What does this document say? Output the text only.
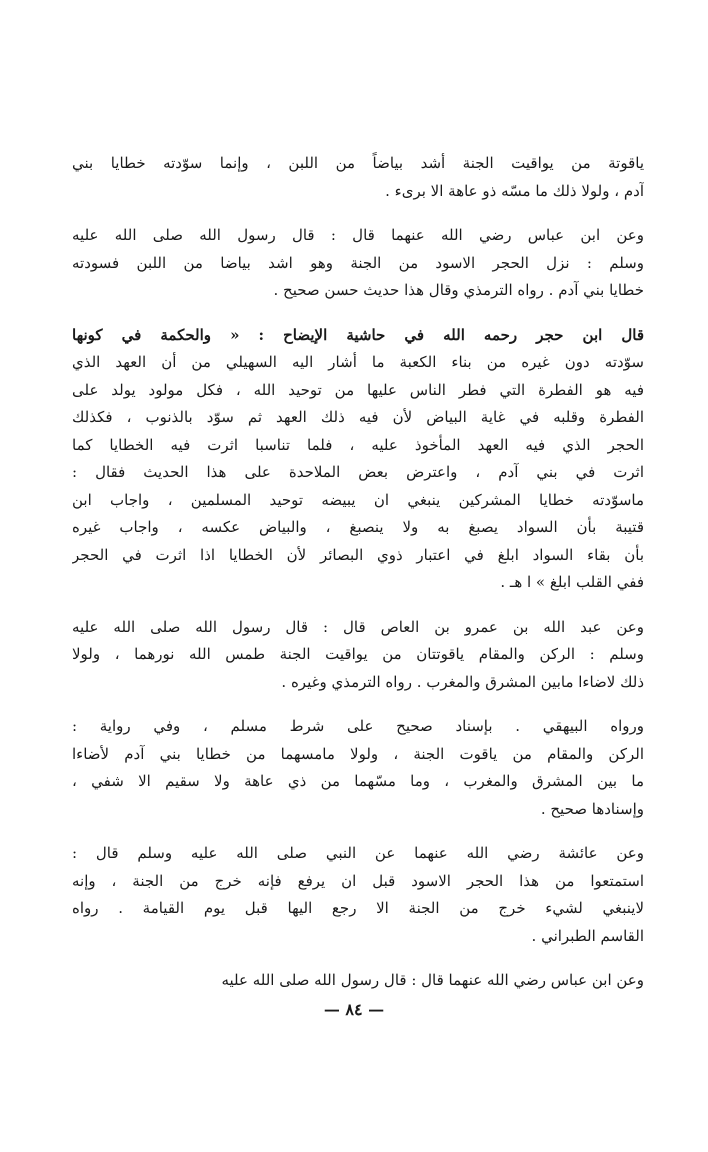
ياقوتة من يواقيت الجنة أشد بياضاً من اللبن ، وإنما سوّدته خطايا بني
آدم ، ولولا ذلك ما مسّه ذو عاهة الا برىء .
وعن ابن عباس رضي الله عنهما قال : قال رسول الله صلى الله عليه
وسلم : نزل الحجر الاسود من الجنة وهو اشد بياضا من اللبن فسودته
خطايا بني آدم . رواه الترمذي وقال هذا حديث حسن صحيح .
قال ابن حجر رحمه الله في حاشية الإيضاح : « والحكمة في كونها
سوّدته دون غيره من بناء الكعبة ما أشار اليه السهيلي من أن العهد الذي
فيه هو الفطرة التي فطر الناس عليها من توحيد الله ، فكل مولود يولد على
الفطرة وقلبه في غاية البياض لأن فيه ذلك العهد ثم سوّد بالذنوب ، فكذلك
الحجر الذي فيه العهد المأخوذ عليه ، فلما تناسبا اثرت فيه الخطايا كما
اثرت في بني آدم ، واعترض بعض الملاحدة على هذا الحديث فقال :
ماسوّدته خطايا المشركين ينبغي ان يبيضه توحيد المسلمين ، واجاب ابن
قتيبة بأن السواد يصبغ به ولا ينصبغ ، والبياض عكسه ، واجاب غيره
بأن بقاء السواد ابلغ في اعتبار ذوي البصائر لأن الخطايا اذا اثرت في الحجر
ففي القلب ابلغ » ا هـ .
وعن عبد الله بن عمرو بن العاص قال : قال رسول الله صلى الله عليه
وسلم : الركن والمقام ياقوتتان من يواقيت الجنة طمس الله نورهما ، ولولا
ذلك لاضاءا مابين المشرق والمغرب . رواه الترمذي وغيره .
ورواه البيهقي . بإسناد صحيح على شرط مسلم ، وفي رواية :
الركن والمقام من ياقوت الجنة ، ولولا مامسهما من خطايا بني آدم لأضاءا
ما بين المشرق والمغرب ، وما مسّهما من ذي عاهة ولا سقيم الا شفي ،
وإسنادها صحيح .
وعن عائشة رضي الله عنهما عن النبي صلى الله عليه وسلم قال :
استمتعوا من هذا الحجر الاسود قبل ان يرفع فإنه خرج من الجنة ، وإنه
لاينبغي لشيء خرج من الجنة الا رجع اليها قبل يوم القيامة . رواه
القاسم الطبراني .
وعن ابن عباس رضي الله عنهما قال : قال رسول الله صلى الله عليه
— ٨٤ —
